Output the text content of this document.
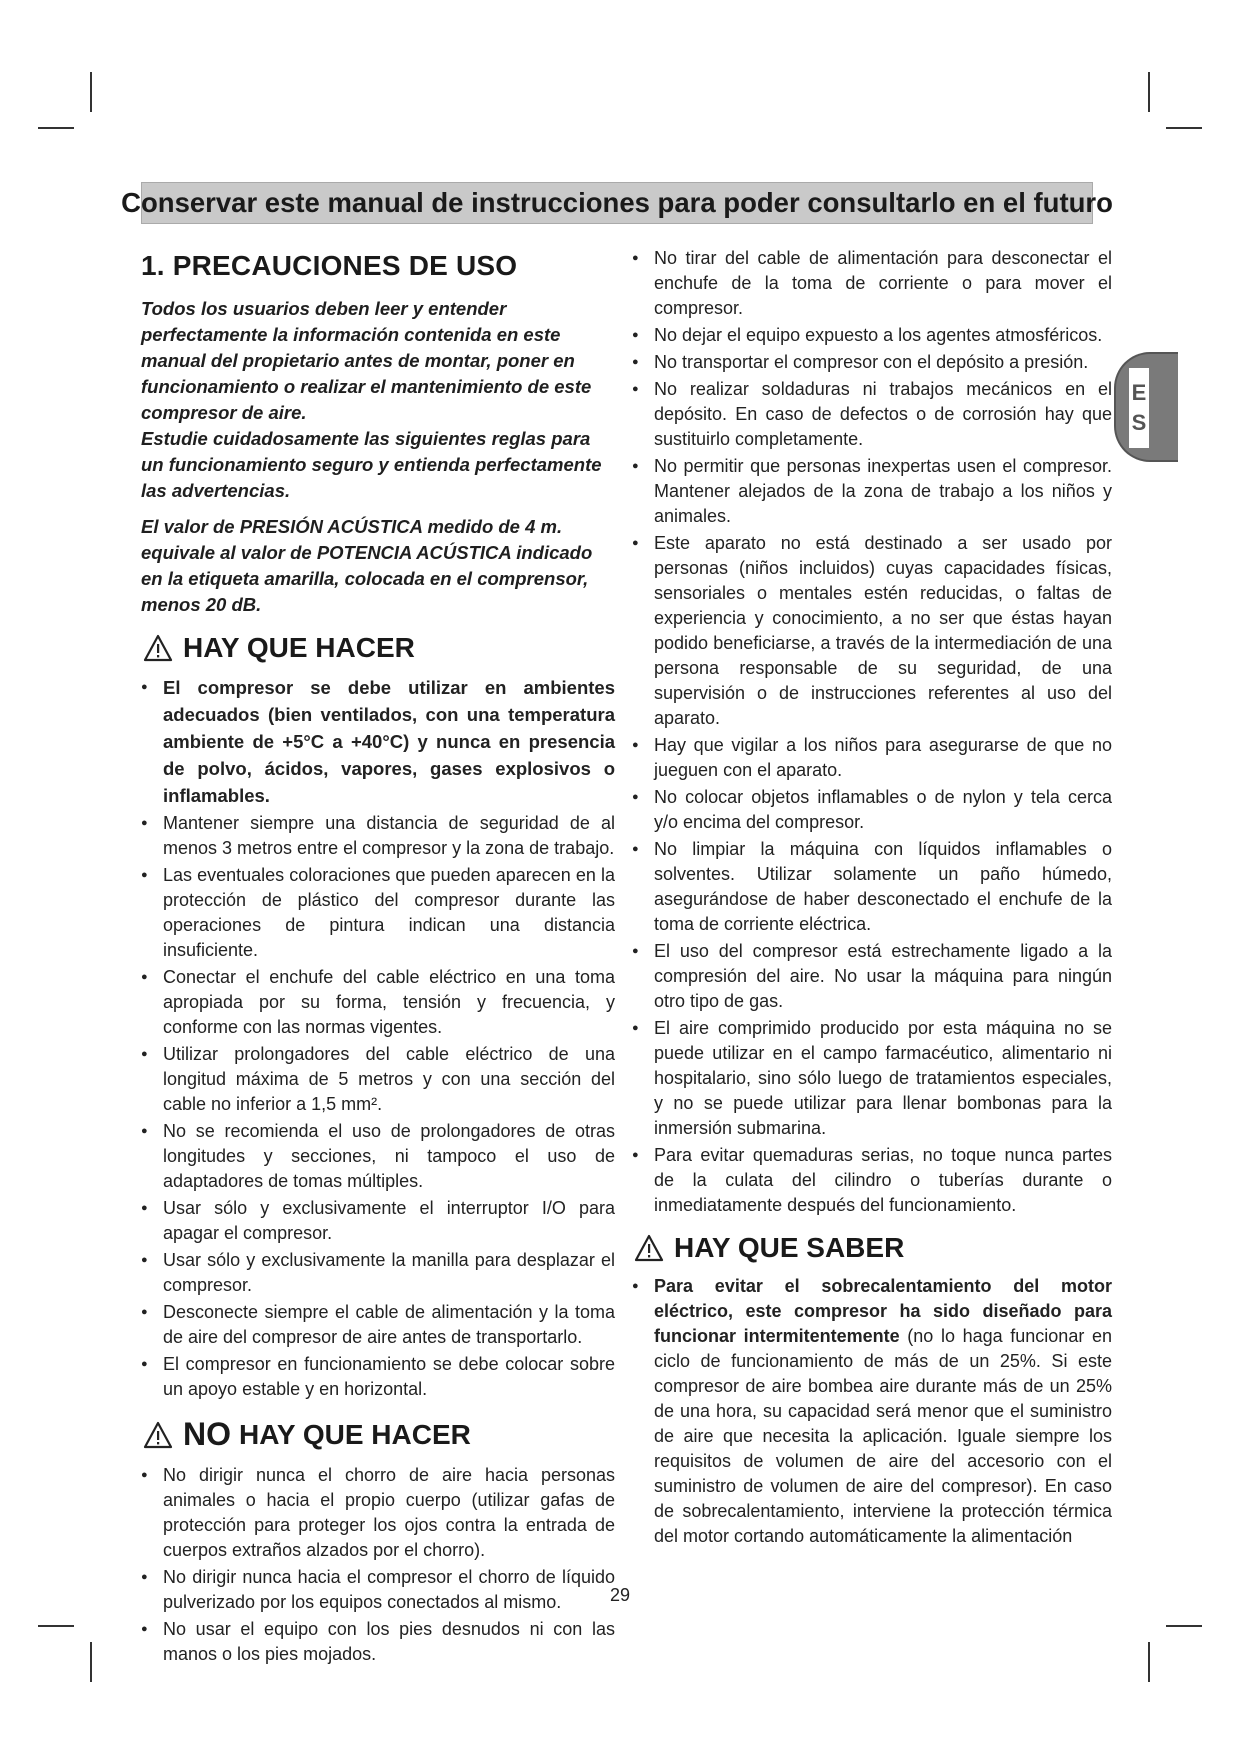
Conservar este manual de instrucciones para poder consultarlo en el futuro
E
S
1. PRECAUCIONES DE USO

Todos los usuarios deben leer y entender perfectamente la información contenida en este manual del propietario antes de montar, poner en funcionamiento o realizar el mantenimiento de este compresor de aire.

Estudie cuidadosamente las siguientes reglas para un funcionamiento seguro y entienda perfectamente las advertencias.

El valor de PRESIÓN ACÚSTICA medido de 4 m. equivale al valor de POTENCIA ACÚSTICA indicado en la etiqueta amarilla, colocada en el comprensor, menos 20 dB.

HAY QUE HACER
● El compresor se debe utilizar en ambientes adecuados (bien ventilados, con una temperatura ambiente de +5°C a +40°C) y nunca en presencia de polvo, ácidos, vapores, gases explosivos o inflamables.
● Mantener siempre una distancia de seguridad de al menos 3 metros entre el compresor y la zona de trabajo.
● Las eventuales coloraciones que pueden aparecen en la protección de plástico del compresor durante las operaciones de pintura indican una distancia insuficiente.
● Conectar el enchufe del cable eléctrico en una toma apropiada por su forma, tensión y frecuencia, y conforme con las normas vigentes.
● Utilizar prolongadores del cable eléctrico de una longitud máxima de 5 metros y con una sección del cable no inferior a 1,5 mm².
● No se recomienda el uso de prolongadores de otras longitudes y secciones, ni tampoco el uso de adaptadores de tomas múltiples.
● Usar sólo y exclusivamente el interruptor I/O para apagar el compresor.
● Usar sólo y exclusivamente la manilla para desplazar el compresor.
● Desconecte siempre el cable de alimentación y la toma de aire del compresor de aire antes de transportarlo.
● El compresor en funcionamiento se debe colocar sobre un apoyo estable y en horizontal.
NO HAY QUE HACER
● No dirigir nunca el chorro de aire hacia personas animales o hacia el propio cuerpo (utilizar gafas de protección para proteger los ojos contra la entrada de cuerpos extraños alzados por el chorro).
● No dirigir nunca hacia el compresor el chorro de líquido pulverizado por los equipos conectados al mismo.
● No usar el equipo con los pies desnudos ni con las manos o los pies mojados.
● No tirar del cable de alimentación para desconectar el enchufe de la toma de corriente o para mover el compresor.
● No dejar el equipo expuesto a los agentes atmosféricos.
● No transportar el compresor con el depósito a presión.
● No realizar soldaduras ni trabajos mecánicos en el depósito. En caso de defectos o de corrosión hay que sustituirlo completamente.
● No permitir que personas inexpertas usen el compresor. Mantener alejados de la zona de trabajo a los niños y animales.
● Este aparato no está destinado a ser usado por personas (niños incluidos) cuyas capacidades físicas, sensoriales o mentales estén reducidas, o faltas de experiencia y conocimiento, a no ser que éstas hayan podido beneficiarse, a través de la intermediación de una persona responsable de su seguridad, de una supervisión o de instrucciones referentes al uso del aparato.
● Hay que vigilar a los niños para asegurarse de que no jueguen con el aparato.
● No colocar objetos inflamables o de nylon y tela cerca y/o encima del compresor.
● No limpiar la máquina con líquidos inflamables o solventes. Utilizar solamente un paño húmedo, asegurándose de haber desconectado el enchufe de la toma de corriente eléctrica.
● El uso del compresor está estrechamente ligado a la compresión del aire. No usar la máquina para ningún otro tipo de gas.
● El aire comprimido producido por esta máquina no se puede utilizar en el campo farmacéutico, alimentario ni hospitalario, sino sólo luego de tratamientos especiales, y no se puede utilizar para llenar bombonas para la inmersión submarina.
● Para evitar quemaduras serias, no toque nunca partes de la culata del cilindro o tuberías durante o inmediatamente después del funcionamiento.
HAY QUE SABER
● Para evitar el sobrecalentamiento del motor eléctrico, este compresor ha sido diseñado para funcionar intermitentemente (no lo haga funcionar en ciclo de funcionamiento de más de un 25%. Si este compresor de aire bombea aire durante más de un 25% de una hora, su capacidad será menor que el suministro de aire que necesita la aplicación. Iguale siempre los requisitos de volumen de aire del accesorio con el suministro de volumen de aire del compresor). En caso de sobrecalentamiento, interviene la protección térmica del motor cortando automáticamente la alimentación
29
